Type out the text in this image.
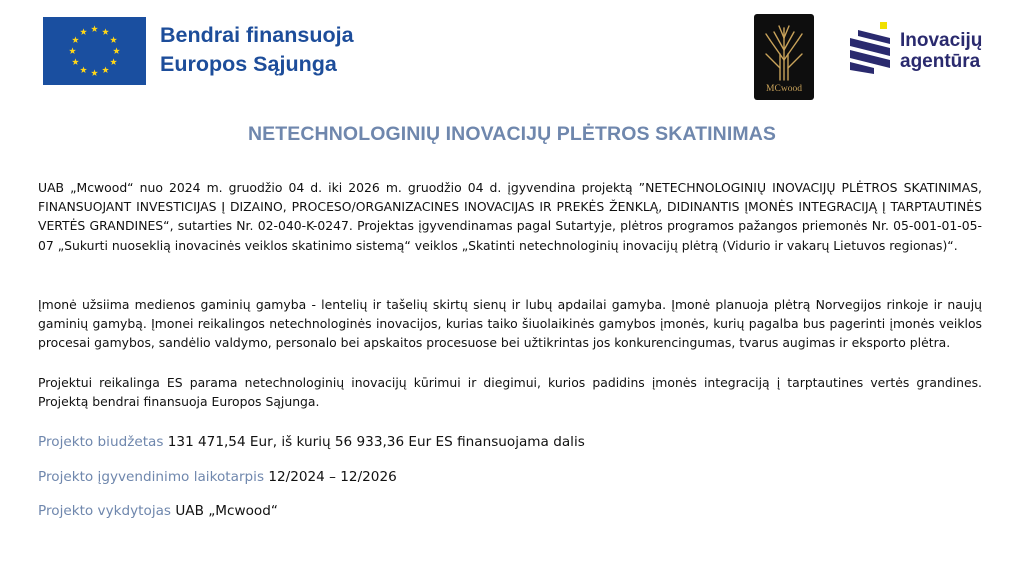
Bendrai finansuoja
Europos Sąjunga
MCwood
Inovacijų
agentūra
NETECHNOLOGINIŲ INOVACIJŲ PLĖTROS SKATINIMAS
UAB „Mcwood“ nuo 2024 m. gruodžio 04 d. iki 2026 m. gruodžio 04 d. įgyvendina projektą ”NETECHNOLOGINIŲ INOVACIJŲ PLĖTROS SKATINIMAS, FINANSUOJANT INVESTICIJAS Į DIZAINO, PROCESO/ORGANIZACINES INOVACIJAS IR PREKĖS ŽENKLĄ, DIDINANTIS ĮMONĖS INTEGRACIJĄ Į TARPTAUTINĖS VERTĖS GRANDINES“, sutarties Nr. 02-040-K-0247. Projektas įgyvendinamas pagal Sutartyje, plėtros programos pažangos priemonės Nr. 05-001-01-05-07 „Sukurti nuoseklią inovacinės veiklos skatinimo sistemą“ veiklos „Skatinti netechnologinių inovacijų plėtrą (Vidurio ir vakarų Lietuvos regionas)“.
Įmonė užsiima medienos gaminių gamyba - lentelių ir tašelių skirtų sienų ir lubų apdailai gamyba. Įmonė planuoja plėtrą Norvegijos rinkoje ir naujų gaminių gamybą. Įmonei reikalingos netechnologinės inovacijos, kurias taiko šiuolaikinės gamybos įmonės, kurių pagalba bus pagerinti įmonės veiklos procesai gamybos, sandėlio valdymo, personalo bei apskaitos procesuose bei užtikrintas jos konkurencingumas, tvarus augimas ir eksporto plėtra.
Projektui reikalinga ES parama netechnologinių inovacijų kūrimui ir diegimui, kurios padidins įmonės integraciją į tarptautines vertės grandines. Projektą bendrai finansuoja Europos Sąjunga.
Projekto biudžetas 131 471,54 Eur, iš kurių 56 933,36 Eur ES finansuojama dalis
Projekto įgyvendinimo laikotarpis 12/2024 – 12/2026
Projekto vykdytojas UAB „Mcwood“
